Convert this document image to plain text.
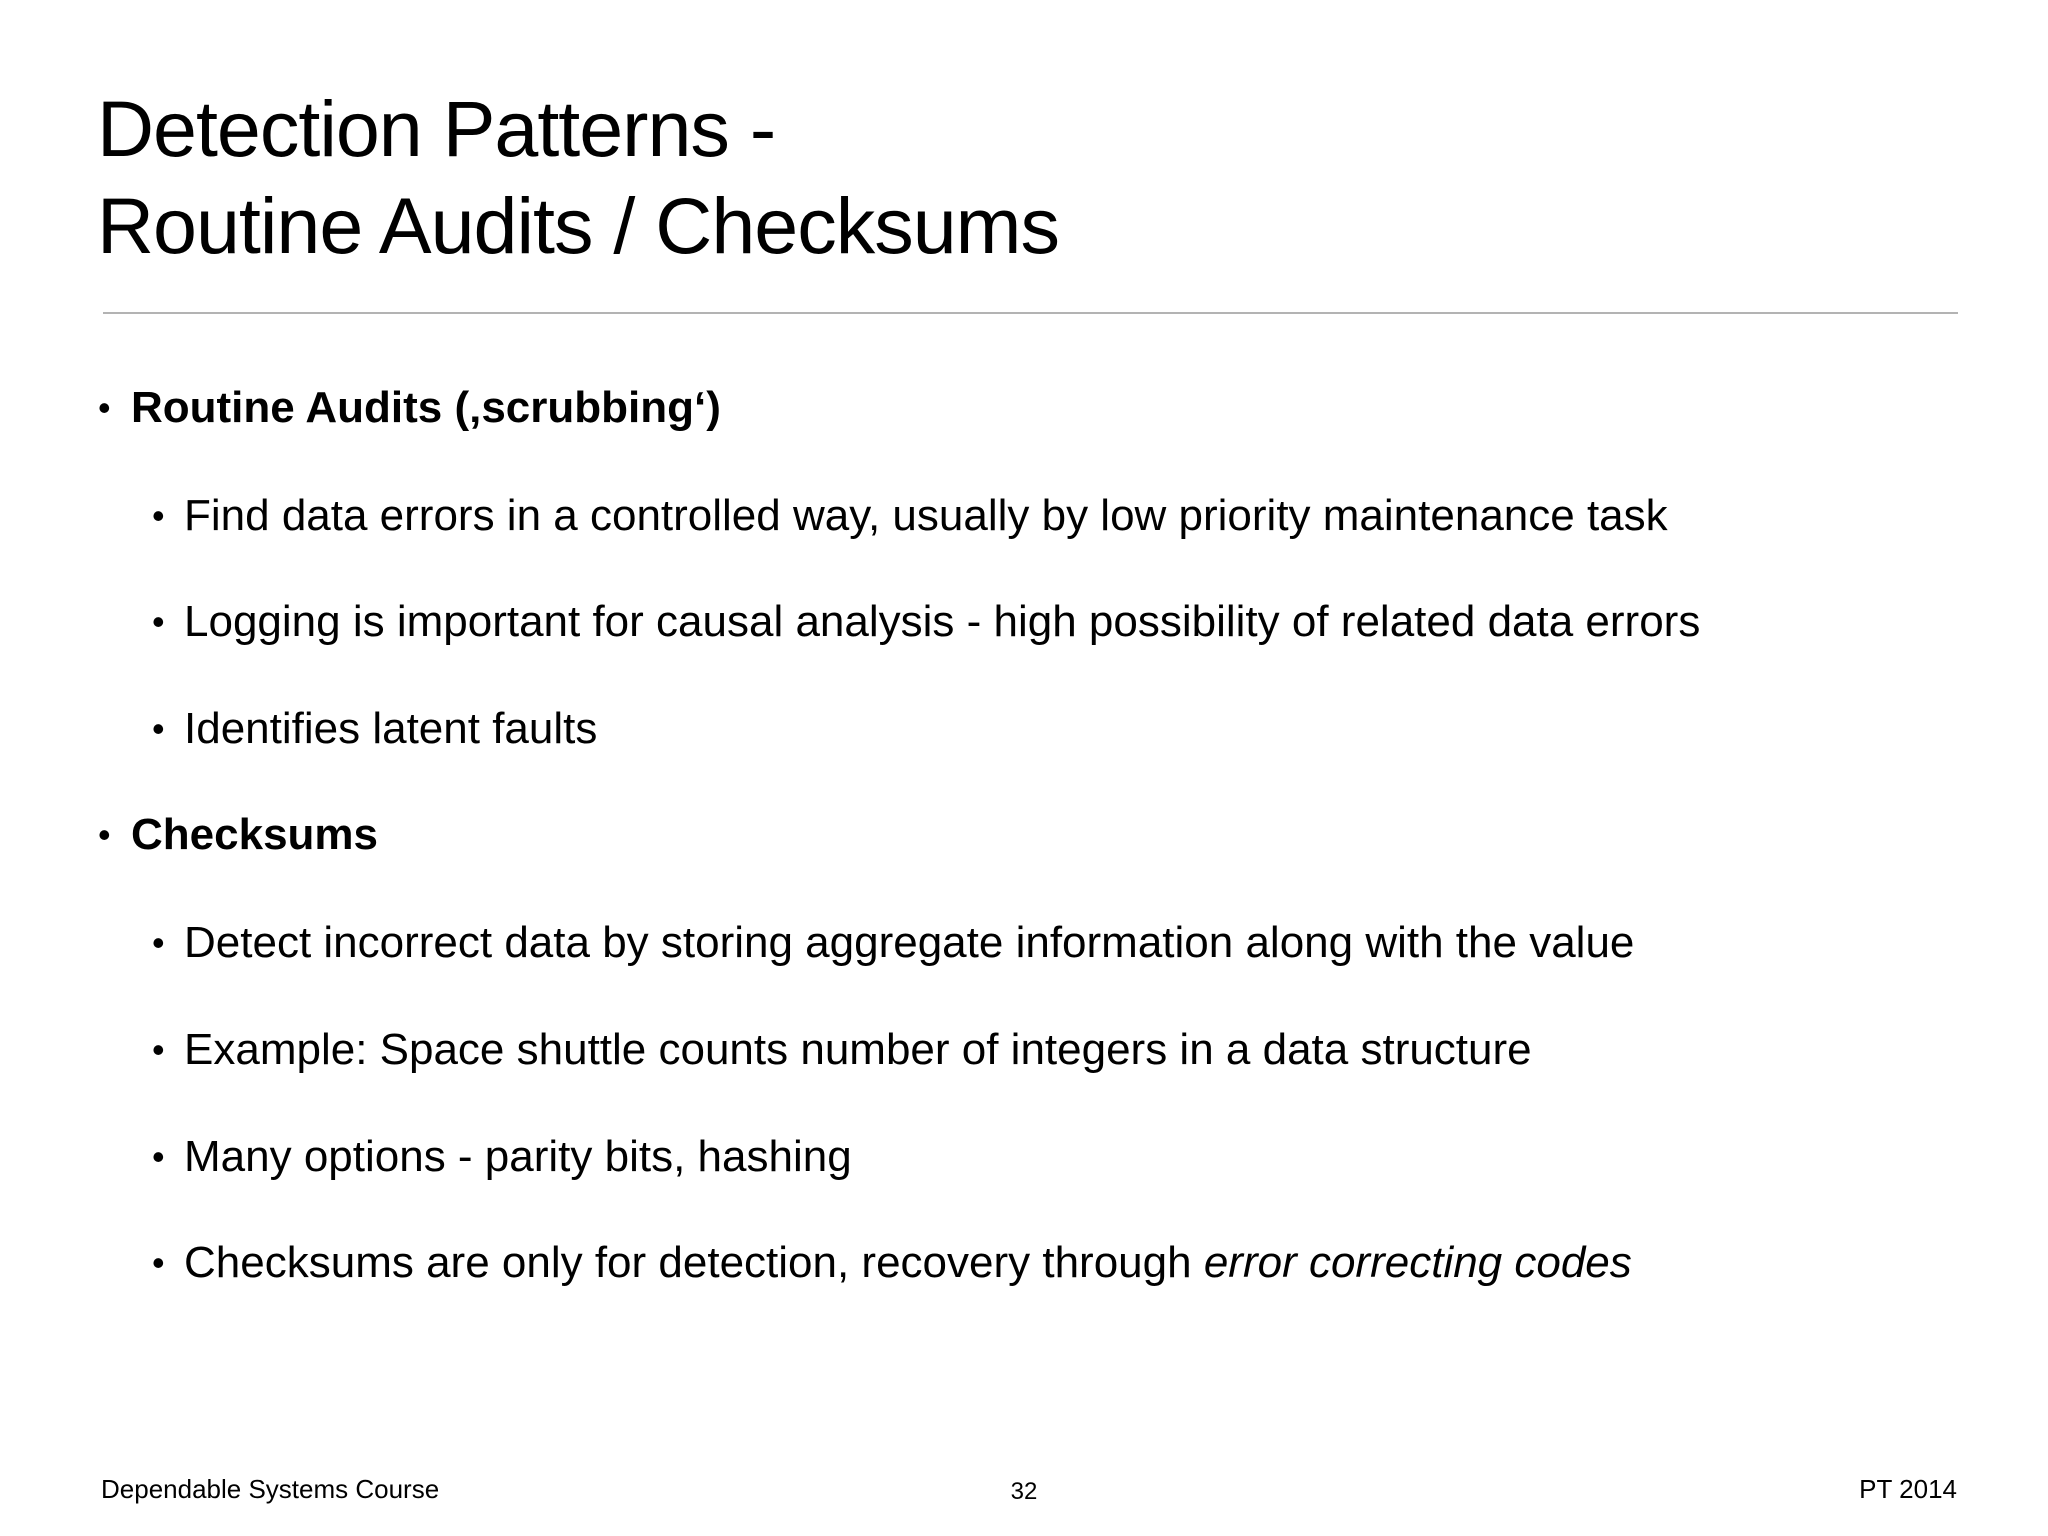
Detection Patterns -
Routine Audits / Checksums
• Routine Audits (‚scrubbing‘)
• Find data errors in a controlled way, usually by low priority maintenance task
• Logging is important for causal analysis - high possibility of related data errors
• Identifies latent faults
• Checksums
• Detect incorrect data by storing aggregate information along with the value
• Example: Space shuttle counts number of integers in a data structure
• Many options - parity bits, hashing
• Checksums are only for detection, recovery through error correcting codes
Dependable Systems Course	32	PT 2014
